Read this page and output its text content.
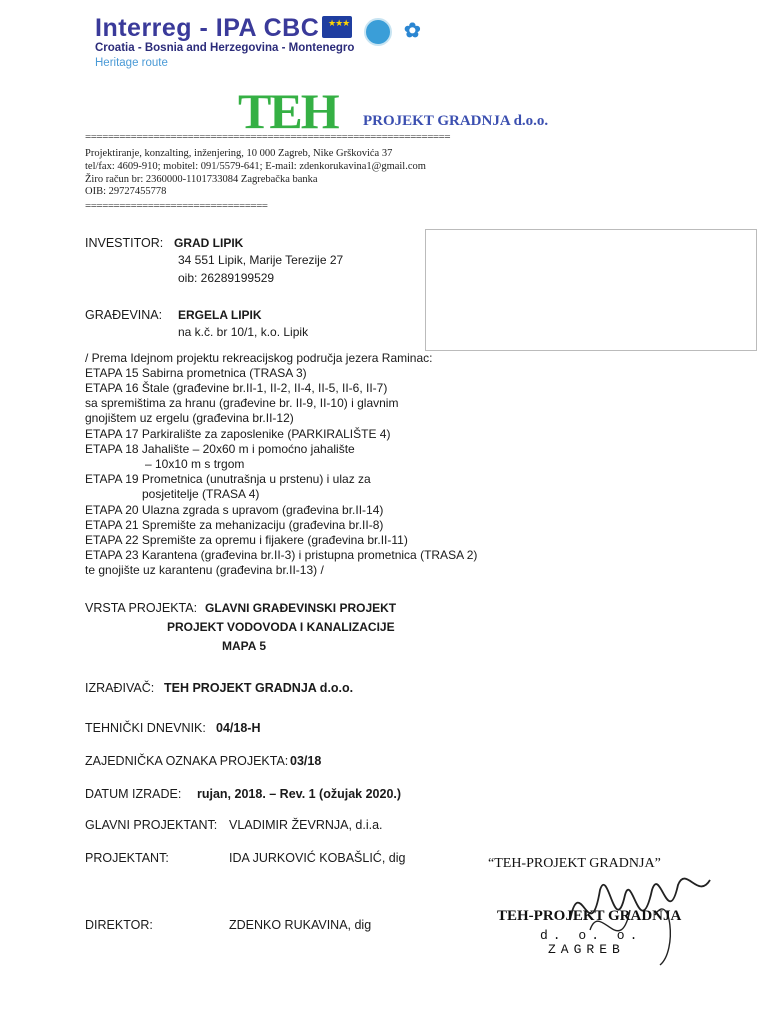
Interreg - IPA CBC ★★★	✿
Croatia - Bosnia and Herzegovina - Montenegro
Heritage route
TEH PROJEKT GRADNJA d.o.o.
================================================================
Projektiranje, konzalting, inženjering, 10 000 Zagreb, Nike Grškovića 37
tel/fax: 4609-910; mobitel: 091/5579-641; E-mail: zdenkorukavina1@gmail.com
Žiro račun br: 2360000-1101733084 Zagrebačka banka
OIB: 29727455778
================================
INVESTITOR: GRAD LIPIK
34 551 Lipik, Marije Terezije 27
oib: 26289199529
GRAĐEVINA: ERGELA LIPIK
na k.č. br 10/1, k.o. Lipik
/ Prema Idejnom projektu rekreacijskog područja jezera Raminac:
ETAPA 15 Sabirna prometnica (TRASA 3)
ETAPA 16 Štale (građevine br.II-1, II-2, II-4, II-5, II-6, II-7)
sa spremištima za hranu (građevine br. II-9, II-10) i glavnim
gnojištem uz ergelu (građevina br.II-12)
ETAPA 17 Parkiralište za zaposlenike (PARKIRALIŠTE 4)
ETAPA 18 Jahalište – 20x60 m i pomoćno jahalište
– 10x10 m s trgom
ETAPA 19 Prometnica (unutrašnja u prstenu) i ulaz za
posjetitelje (TRASA 4)
ETAPA 20 Ulazna zgrada s upravom (građevina br.II-14)
ETAPA 21 Spremište za mehanizaciju (građevina br.II-8)
ETAPA 22 Spremište za opremu i fijakere (građevina br.II-11)
ETAPA 23 Karantena (građevina br.II-3) i pristupna prometnica (TRASA 2)
te gnojište uz karantenu (građevina br.II-13) /
VRSTA PROJEKTA: GLAVNI GRAĐEVINSKI PROJEKT
PROJEKT VODOVODA I KANALIZACIJE
MAPA 5
IZRAĐIVAČ: TEH PROJEKT GRADNJA d.o.o.
TEHNIČKI DNEVNIK: 04/18-H
ZAJEDNIČKA OZNAKA PROJEKTA: 03/18
DATUM IZRADE: rujan, 2018. – Rev. 1 (ožujak 2020.)
GLAVNI PROJEKTANT: VLADIMIR ŽEVRNJA, d.i.a.
PROJEKTANT:	IDA JURKOVIĆ KOBAŠLIĆ, dig
DIREKTOR:	ZDENKO RUKAVINA, dig
“TEH-PROJEKT GRADNJA”
TEH-PROJEKT GRADNJA
d. o. o.
ZAGREB
